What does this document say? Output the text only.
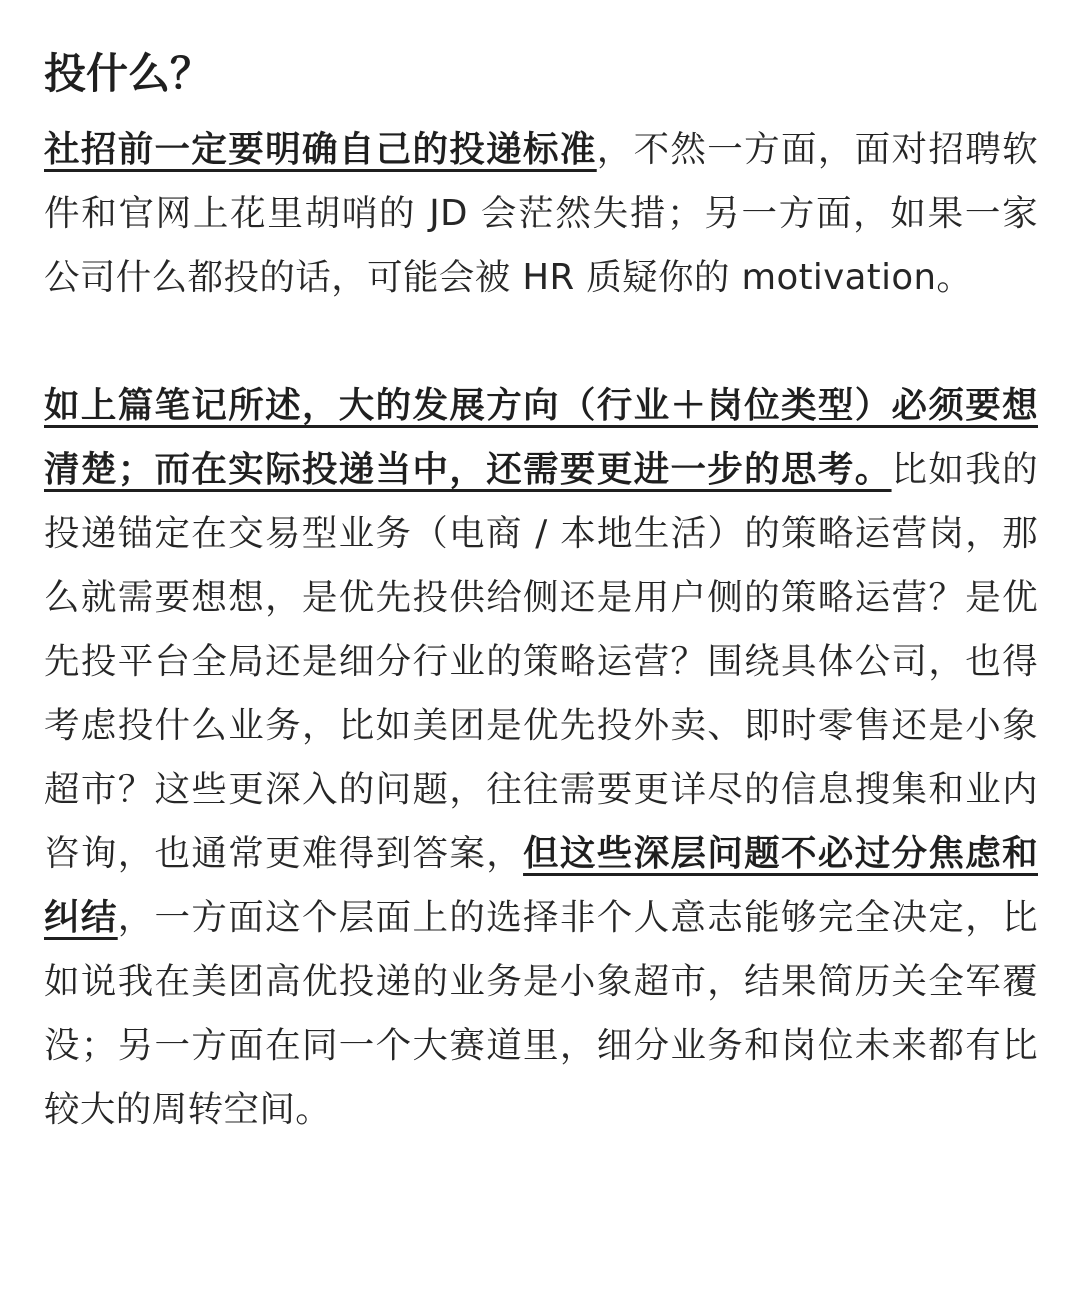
投什么？

社招前一定要明确自己的投递标准，不然一方面，面对招聘软件和官网上花里胡哨的 JD 会茫然失措；另一方面，如果一家公司什么都投的话，可能会被 HR 质疑你的 motivation。

如上篇笔记所述，大的发展方向（行业＋岗位类型）必须要想清楚；而在实际投递当中，还需要更进一步的思考。比如我的投递锚定在交易型业务（电商 / 本地生活）的策略运营岗，那么就需要想想，是优先投供给侧还是用户侧的策略运营？是优先投平台全局还是细分行业的策略运营？围绕具体公司，也得考虑投什么业务，比如美团是优先投外卖、即时零售还是小象超市？这些更深入的问题，往往需要更详尽的信息搜集和业内咨询，也通常更难得到答案，但这些深层问题不必过分焦虑和纠结，一方面这个层面上的选择非个人意志能够完全决定，比如说我在美团高优投递的业务是小象超市，结果简历关全军覆没；另一方面在同一个大赛道里，细分业务和岗位未来都有比较大的周转空间。
